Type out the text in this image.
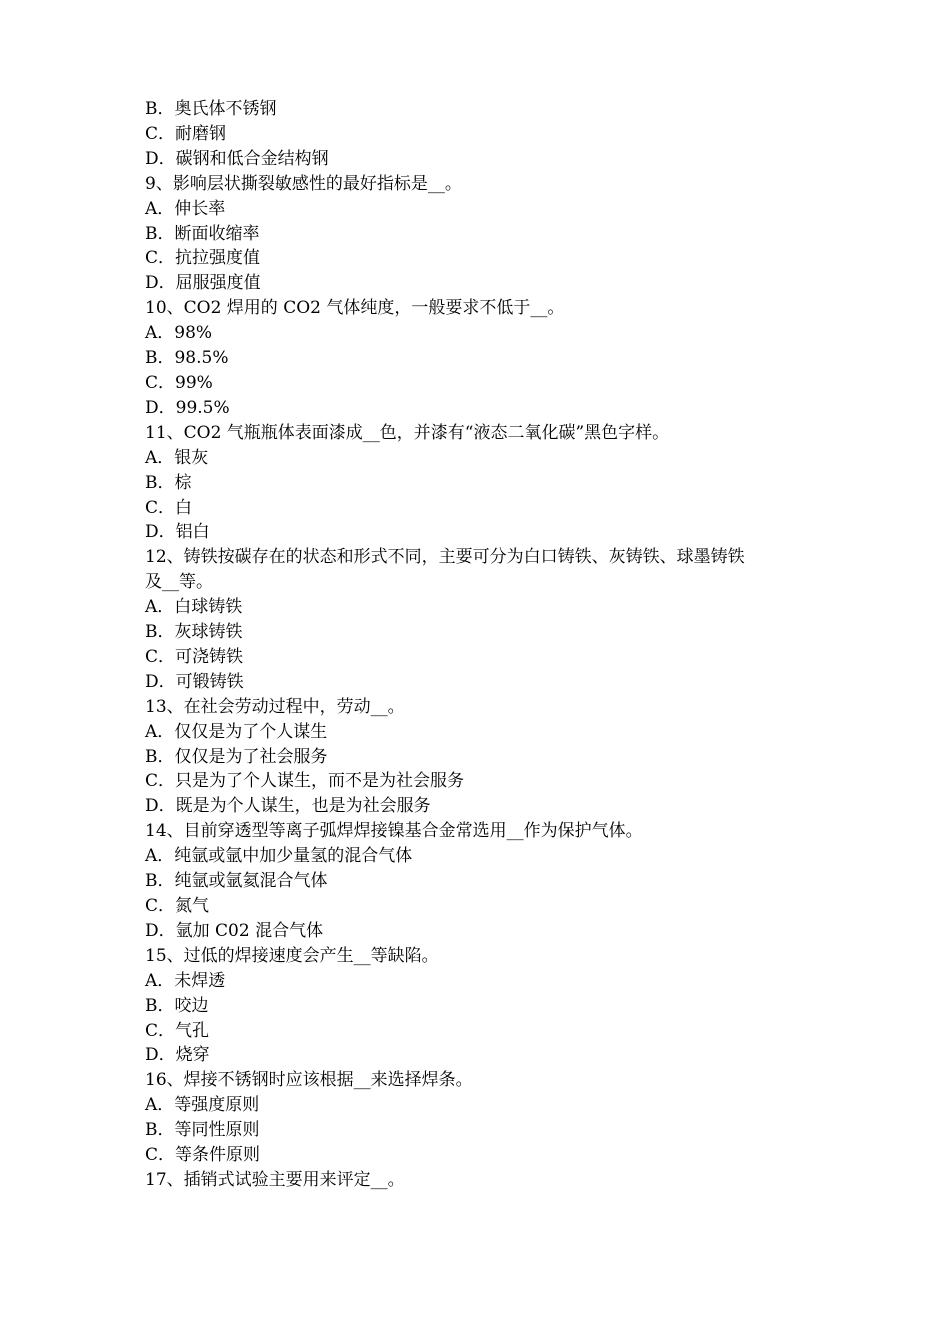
B．奥氏体不锈钢
C．耐磨钢
D．碳钢和低合金结构钢
9、影响层状撕裂敏感性的最好指标是__。
A．伸长率
B．断面收缩率
C．抗拉强度值
D．屈服强度值
10、CO2 焊用的 CO2 气体纯度，一般要求不低于__。
A．98%
B．98.5%
C．99%
D．99.5%
11、CO2 气瓶瓶体表面漆成__色，并漆有“液态二氧化碳”黑色字样。
A．银灰
B．棕
C．白
D．铝白
12、铸铁按碳存在的状态和形式不同，主要可分为白口铸铁、灰铸铁、球墨铸铁
及__等。
A．白球铸铁
B．灰球铸铁
C．可浇铸铁
D．可锻铸铁
13、在社会劳动过程中，劳动__。
A．仅仅是为了个人谋生
B．仅仅是为了社会服务
C．只是为了个人谋生，而不是为社会服务
D．既是为个人谋生，也是为社会服务
14、目前穿透型等离子弧焊焊接镍基合金常选用__作为保护气体。
A．纯氩或氩中加少量氢的混合气体
B．纯氩或氩氦混合气体
C．氮气
D．氩加 C02 混合气体
15、过低的焊接速度会产生__等缺陷。
A．未焊透
B．咬边
C．气孔
D．烧穿
16、焊接不锈钢时应该根据__来选择焊条。
A．等强度原则
B．等同性原则
C．等条件原则
17、插销式试验主要用来评定__。
